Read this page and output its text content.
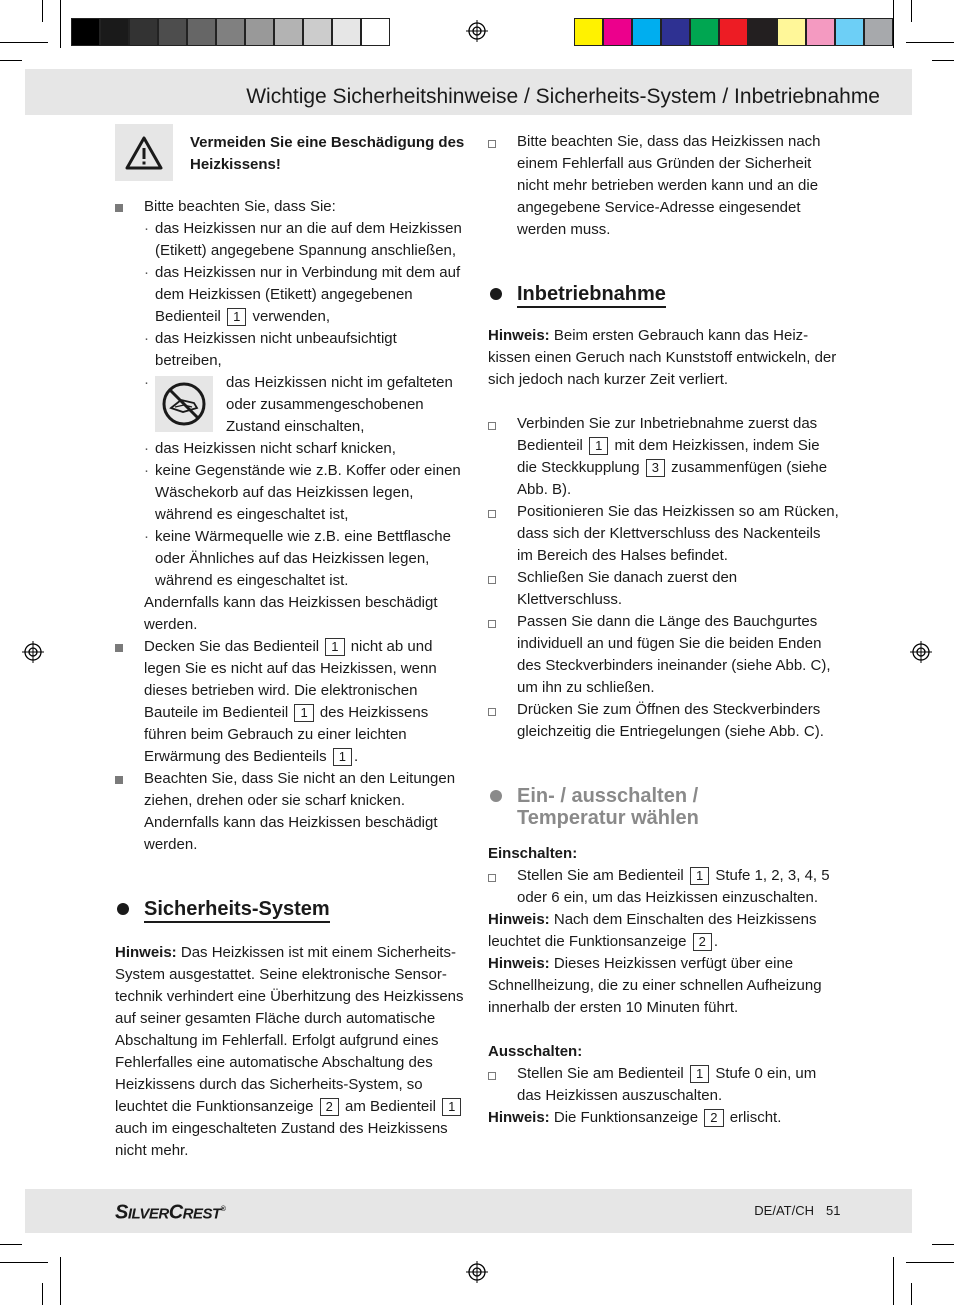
Wichtige Sicherheitshinweise / Sicherheits-System / Inbetriebnahme

Vermeiden Sie eine Beschädigung des Heizkissens!

Bitte beachten Sie, dass Sie:

· das Heizkissen nur an die auf dem Heizkissen (Etikett) angegebene Spannung anschließen,
· das Heizkissen nur in Verbindung mit dem auf dem Heizkissen (Etikett) angegebenen Bedienteil 1 verwenden,
· das Heizkissen nicht unbeaufsichtigt betreiben,
·	das Heizkissen nicht im gefalteten oder zusammengeschobenen Zustand einschalten,

· das Heizkissen nicht scharf knicken,
· keine Gegenstände wie z.B. Koffer oder einen Wäschekorb auf das Heizkissen legen, während es eingeschaltet ist,
· keine Wärmequelle wie z.B. eine Bettflasche oder Ähnliches auf das Heizkissen legen, während es eingeschaltet ist.

Andernfalls kann das Heizkissen beschädigt werden.

Decken Sie das Bedienteil 1 nicht ab und legen Sie es nicht auf das Heizkissen, wenn dieses betrieben wird. Die elektronischen Bauteile im Bedienteil 1 des Heizkissens führen beim Gebrauch zu einer leichten Erwärmung des Bedienteils 1 .

Beachten Sie, dass Sie nicht an den Leitungen ziehen, drehen oder sie scharf knicken. Andernfalls kann das Heizkissen beschädigt werden.

Sicherheits-System

Hinweis: Das Heizkissen ist mit einem Sicherheits-System ausgestattet. Seine elektronische Sensor-technik verhindert eine Überhitzung des Heizkissens auf seiner gesamten Fläche durch automatische Abschaltung im Fehlerfall. Erfolgt aufgrund eines Fehlerfalles eine automatische Abschaltung des Heizkissens durch das Sicherheits-System, so leuchtet die Funktionsanzeige 2 am Bedienteil 1 auch im eingeschalteten Zustand des Heizkissens nicht mehr.

Bitte beachten Sie, dass das Heizkissen nach einem Fehlerfall aus Gründen der Sicherheit nicht mehr betrieben werden kann und an die angegebene Service-Adresse eingesendet werden muss.

Inbetriebnahme

Hinweis: Beim ersten Gebrauch kann das Heiz-kissen einen Geruch nach Kunststoff entwickeln, der sich jedoch nach kurzer Zeit verliert.

Verbinden Sie zur Inbetriebnahme zuerst das Bedienteil 1 mit dem Heizkissen, indem Sie die Steckkupplung 3 zusammenfügen (siehe Abb. B).

Positionieren Sie das Heizkissen so am Rücken, dass sich der Klettverschluss des Nackenteils im Bereich des Halses befindet.

Schließen Sie danach zuerst den Klettverschluss.

Passen Sie dann die Länge des Bauchgurtes individuell an und fügen Sie die beiden Enden des Steckverbinders ineinander (siehe Abb. C), um ihn zu schließen.

Drücken Sie zum Öffnen des Steckverbinders gleichzeitig die Entriegelungen (siehe Abb. C).

Ein- / ausschalten /
Temperatur wählen

Einschalten:

Stellen Sie am Bedienteil 1 Stufe 1, 2, 3, 4, 5 oder 6 ein, um das Heizkissen einzuschalten.

Hinweis: Nach dem Einschalten des Heizkissens leuchtet die Funktionsanzeige 2 .

Hinweis: Dieses Heizkissen verfügt über eine Schnellheizung, die zu einer schnellen Aufheizung innerhalb der ersten 10 Minuten führt.

Ausschalten:

Stellen Sie am Bedienteil 1 Stufe 0 ein, um das Heizkissen auszuschalten.

Hinweis: Die Funktionsanzeige 2 erlischt.

SILVERCREST®	DE/AT/CH 51
